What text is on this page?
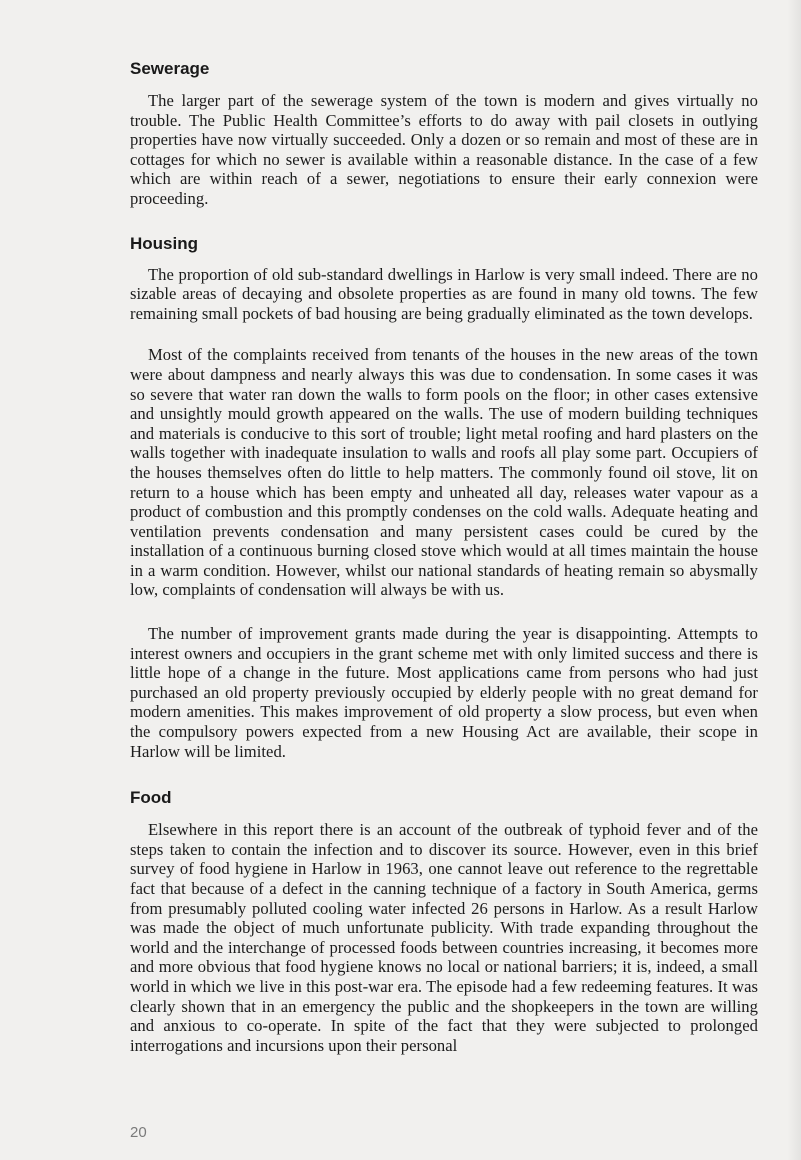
Sewerage

The larger part of the sewerage system of the town is modern and gives virtually no trouble. The Public Health Committee’s efforts to do away with pail closets in outlying properties have now virtually succeeded. Only a dozen or so remain and most of these are in cottages for which no sewer is available within a reasonable distance. In the case of a few which are within reach of a sewer, negotiations to ensure their early connexion were proceeding.

Housing

The proportion of old sub-standard dwellings in Harlow is very small indeed. There are no sizable areas of decaying and obsolete properties as are found in many old towns. The few remaining small pockets of bad housing are being gradually eliminated as the town develops.

Most of the complaints received from tenants of the houses in the new areas of the town were about dampness and nearly always this was due to condensation. In some cases it was so severe that water ran down the walls to form pools on the floor; in other cases extensive and unsightly mould growth appeared on the walls. The use of modern building techniques and materials is conducive to this sort of trouble; light metal roofing and hard plasters on the walls together with inadequate insulation to walls and roofs all play some part. Occupiers of the houses themselves often do little to help matters. The commonly found oil stove, lit on return to a house which has been empty and unheated all day, releases water vapour as a product of combustion and this promptly condenses on the cold walls. Adequate heating and ventilation prevents condensation and many persistent cases could be cured by the installation of a continuous burning closed stove which would at all times maintain the house in a warm condition. However, whilst our national standards of heating remain so abysmally low, complaints of condensation will always be with us.

The number of improvement grants made during the year is disappointing. Attempts to interest owners and occupiers in the grant scheme met with only limited success and there is little hope of a change in the future. Most applications came from persons who had just purchased an old property previously occupied by elderly people with no great demand for modern amenities. This makes improvement of old property a slow process, but even when the compulsory powers expected from a new Housing Act are available, their scope in Harlow will be limited.

Food

Elsewhere in this report there is an account of the outbreak of typhoid fever and of the steps taken to contain the infection and to discover its source. However, even in this brief survey of food hygiene in Harlow in 1963, one cannot leave out reference to the regrettable fact that because of a defect in the canning technique of a factory in South America, germs from presumably polluted cooling water infected 26 persons in Harlow. As a result Harlow was made the object of much unfortunate publicity. With trade expanding throughout the world and the interchange of processed foods between countries increasing, it becomes more and more obvious that food hygiene knows no local or national barriers; it is, indeed, a small world in which we live in this post-war era. The episode had a few redeeming features. It was clearly shown that in an emergency the public and the shopkeepers in the town are willing and anxious to co-operate. In spite of the fact that they were subjected to prolonged interrogations and incursions upon their personal

20
